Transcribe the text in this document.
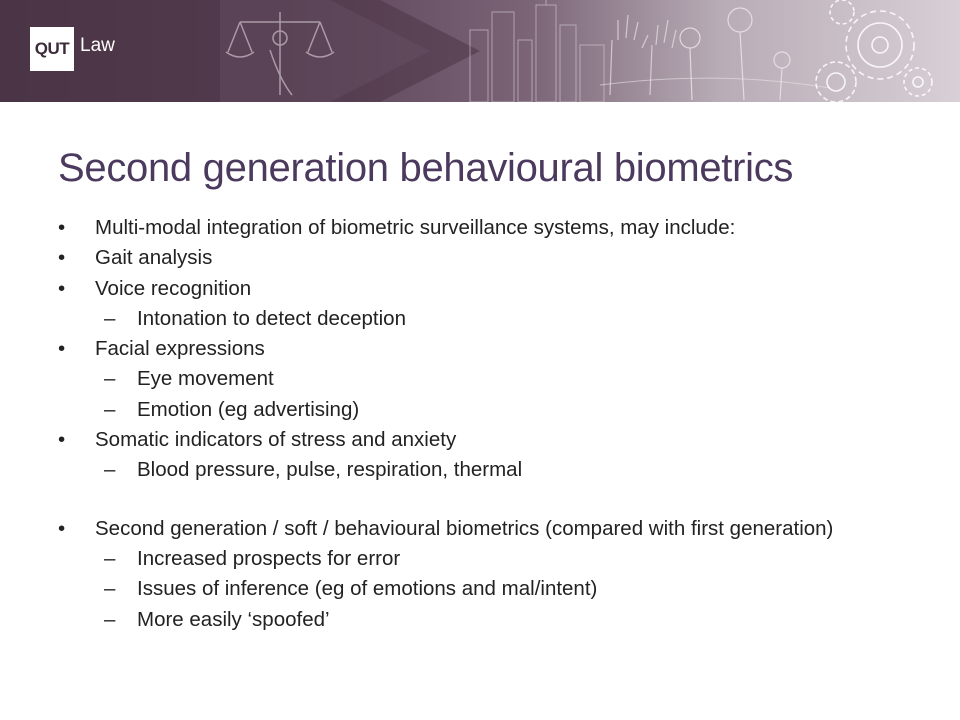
QUT Law
Second generation behavioural biometrics
• Multi-modal integration of biometric surveillance systems, may include:
• Gait analysis
• Voice recognition
– Intonation to detect deception
• Facial expressions
– Eye movement
– Emotion (eg advertising)
• Somatic indicators of stress and anxiety
– Blood pressure, pulse, respiration, thermal
• Second generation / soft / behavioural biometrics (compared with first generation)
– Increased prospects for error
– Issues of inference (eg of emotions and mal/intent)
– More easily ‘spoofed’
